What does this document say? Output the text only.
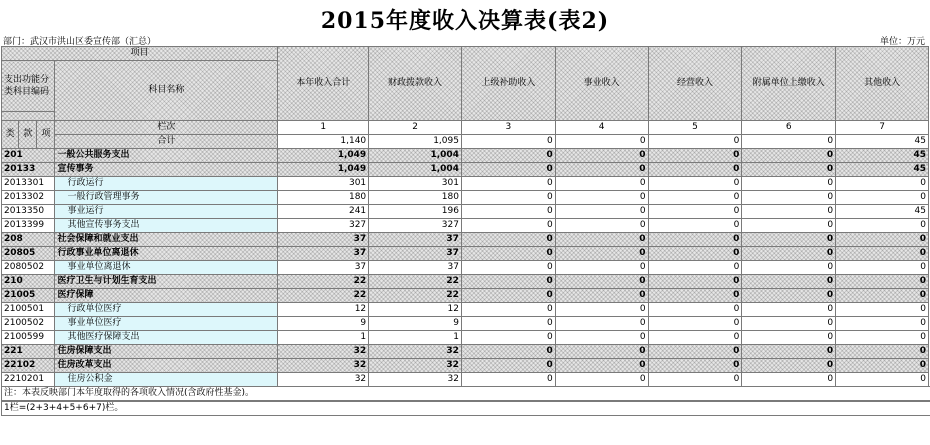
2015年度收入决算表(表2)
部门：武汉市洪山区委宣传部（汇总）	单位：万元
项目				本年收入合计	财政拨款收入	上级补助收入	事业收入	经营收入	附属单位上缴收入	其他收入
支出功能分类科目编码			科目名称							

类	款	项	栏次	1	2	3	4	5	6	7
			合计	1,140	1,095	0	0	0	0	45
201			一般公共服务支出	1,049	1,004	0	0	0	0	45
20133			宣传事务	1,049	1,004	0	0	0	0	45
2013301			行政运行	301	301	0	0	0	0	0
2013302			一般行政管理事务	180	180	0	0	0	0	0
2013350			事业运行	241	196	0	0	0	0	45
2013399			其他宣传事务支出	327	327	0	0	0	0	0
208			社会保障和就业支出	37	37	0	0	0	0	0
20805			行政事业单位离退休	37	37	0	0	0	0	0
2080502			事业单位离退休	37	37	0	0	0	0	0
210			医疗卫生与计划生育支出	22	22	0	0	0	0	0
21005			医疗保障	22	22	0	0	0	0	0
2100501			行政单位医疗	12	12	0	0	0	0	0
2100502			事业单位医疗	9	9	0	0	0	0	0
2100599			其他医疗保障支出	1	1	0	0	0	0	0
221			住房保障支出	32	32	0	0	0	0	0
22102			住房改革支出	32	32	0	0	0	0	0
2210201			住房公积金	32	32	0	0	0	0	0
注：本表反映部门本年度取得的各项收入情况(含政府性基金)。
1栏=(2+3+4+5+6+7)栏。
